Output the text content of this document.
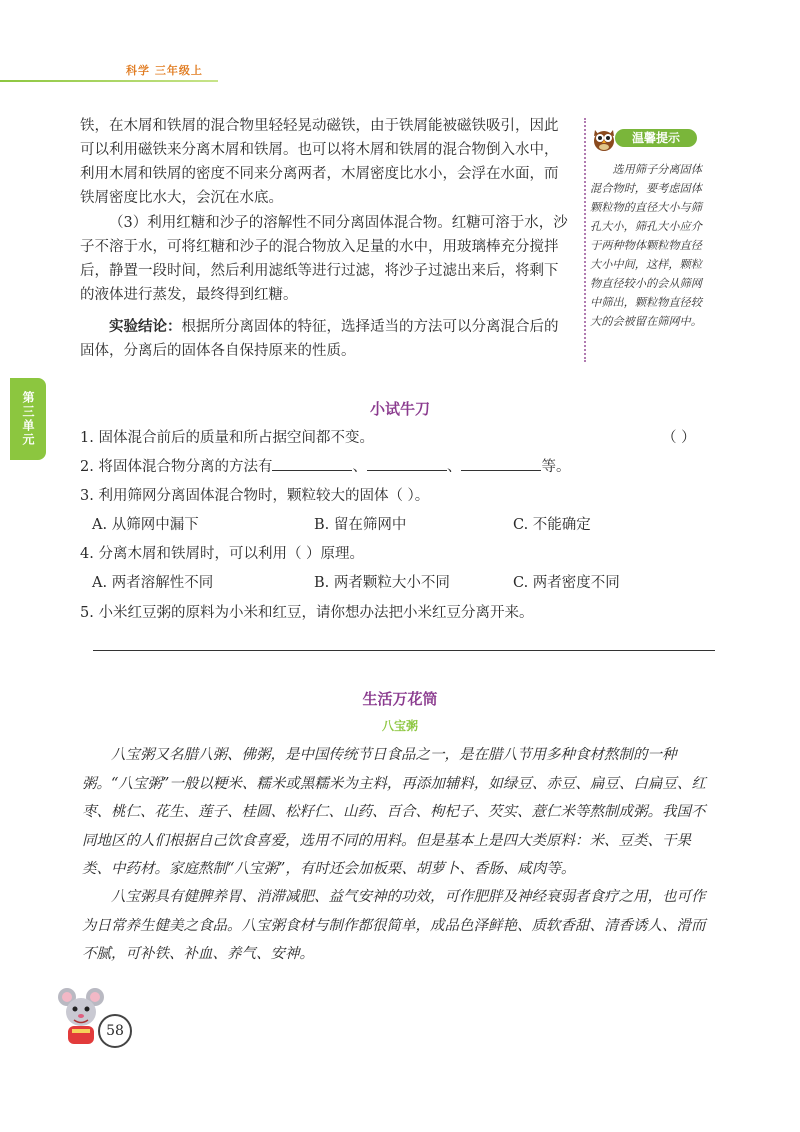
科学 三年级上
第三单元
铁，在木屑和铁屑的混合物里轻轻晃动磁铁，由于铁屑能被磁铁吸引，因此可以利用磁铁来分离木屑和铁屑。也可以将木屑和铁屑的混合物倒入水中，利用木屑和铁屑的密度不同来分离两者，木屑密度比水小，会浮在水面，而铁屑密度比水大，会沉在水底。
（3）利用红糖和沙子的溶解性不同分离固体混合物。红糖可溶于水，沙子不溶于水，可将红糖和沙子的混合物放入足量的水中，用玻璃棒充分搅拌后，静置一段时间，然后利用滤纸等进行过滤，将沙子过滤出来后，将剩下的液体进行蒸发，最终得到红糖。
实验结论：根据所分离固体的特征，选择适当的方法可以分离混合后的固体，分离后的固体各自保持原来的性质。
温馨提示
选用筛子分离固体混合物时，要考虑固体颗粒物的直径大小与筛孔大小，筛孔大小应介于两种物体颗粒物直径大小中间，这样，颗粒物直径较小的会从筛网中筛出，颗粒物直径较大的会被留在筛网中。
小试牛刀
1. 固体混合前后的质量和所占据空间都不变。	（ ）
2. 将固体混合物分离的方法有	、	、	等。
3. 利用筛网分离固体混合物时，颗粒较大的固体（ ）。
A. 从筛网中漏下	B. 留在筛网中	C. 不能确定
4. 分离木屑和铁屑时，可以利用（ ）原理。
A. 两者溶解性不同	B. 两者颗粒大小不同	C. 两者密度不同
5. 小米红豆粥的原料为小米和红豆，请你想办法把小米红豆分离开来。
生活万花筒
八宝粥
八宝粥又名腊八粥、佛粥，是中国传统节日食品之一，是在腊八节用多种食材熬制的一种粥。“八宝粥”一般以粳米、糯米或黑糯米为主料，再添加辅料，如绿豆、赤豆、扁豆、白扁豆、红枣、桃仁、花生、莲子、桂圆、松籽仁、山药、百合、枸杞子、芡实、薏仁米等熬制成粥。我国不同地区的人们根据自己饮食喜爱，选用不同的用料。但是基本上是四大类原料：米、豆类、干果类、中药材。家庭熬制“八宝粥”，有时还会加板栗、胡萝卜、香肠、咸肉等。
八宝粥具有健脾养胃、消滞减肥、益气安神的功效，可作肥胖及神经衰弱者食疗之用，也可作为日常养生健美之食品。八宝粥食材与制作都很简单，成品色泽鲜艳、质软香甜、清香诱人、滑而不腻，可补铁、补血、养气、安神。
58
